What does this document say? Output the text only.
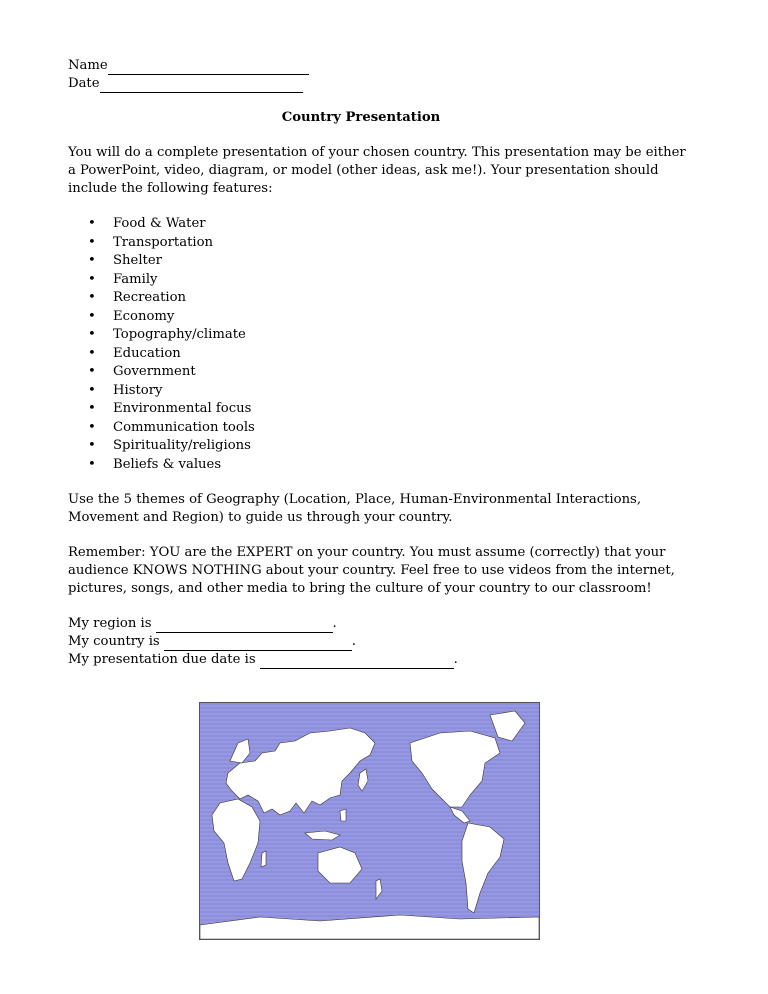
Name
Date
Country Presentation

You will do a complete presentation of your chosen country. This presentation may be either a PowerPoint, video, diagram, or model (other ideas, ask me!). Your presentation should include the following features:

• Food & Water
• Transportation
• Shelter
• Family
• Recreation
• Economy
• Topography/climate
• Education
• Government
• History
• Environmental focus
• Communication tools
• Spirituality/religions
• Beliefs & values

Use the 5 themes of Geography (Location, Place, Human-Environmental Interactions, Movement and Region) to guide us through your country.

Remember: YOU are the EXPERT on your country. You must assume (correctly) that your audience KNOWS NOTHING about your country. Feel free to use videos from the internet, pictures, songs, and other media to bring the culture of your country to our classroom!

My region is	.
My country is	.
My presentation due date is	.
